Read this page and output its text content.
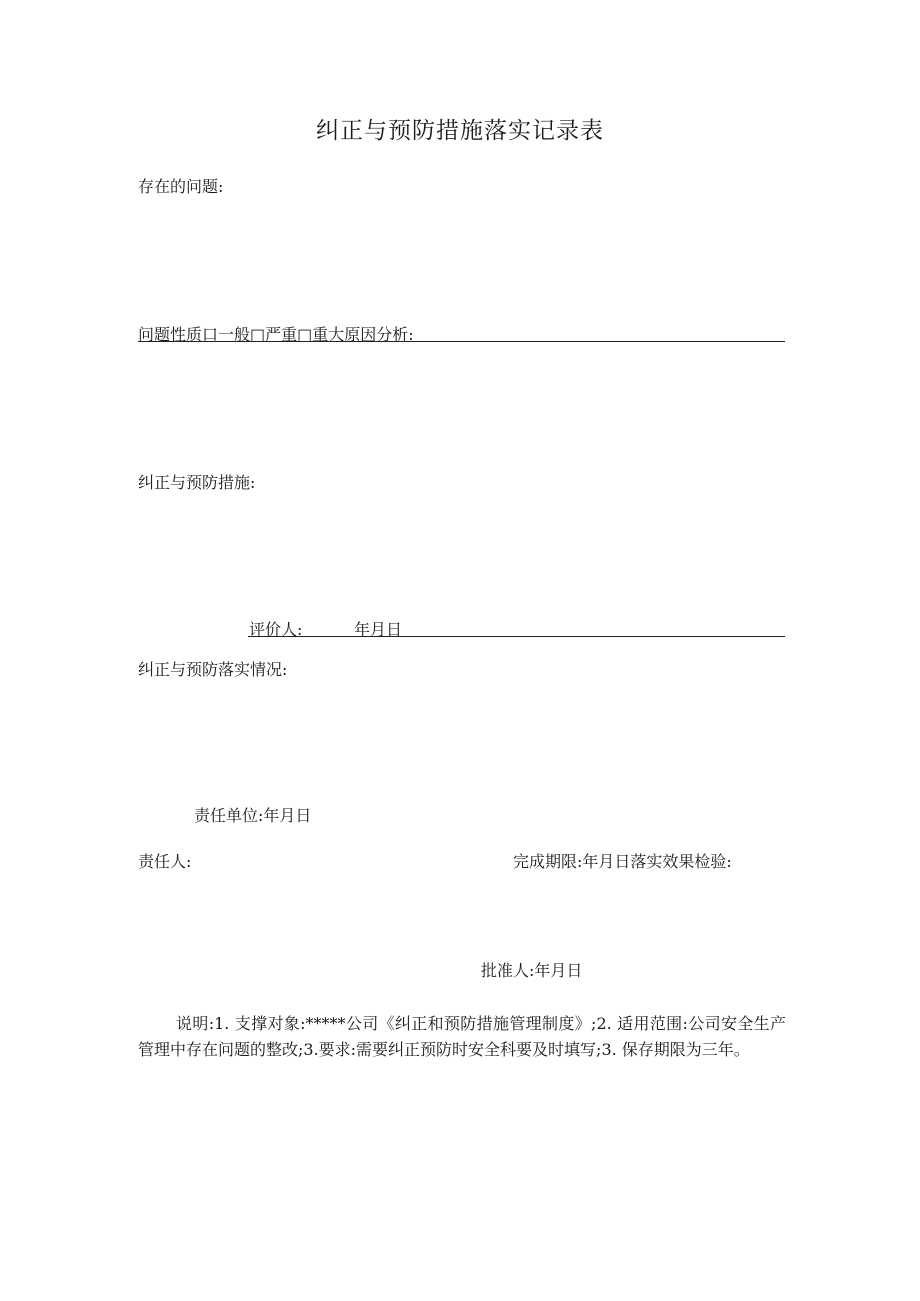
纠正与预防措施落实记录表
存在的问题:
问题性质口一般□严重□重大原因分析:
纠正与预防措施:
评价人:	年月日
纠正与预防落实情况:
责任单位:年月日
责任人:	完成期限:年月日落实效果检验:
批准人:年月日
说明:1. 支撑对象:*****公司《纠正和预防措施管理制度》;2. 适用范围:公司安全生产管理中存在问题的整改;3.要求:需要纠正预防时安全科要及时填写;3. 保存期限为三年。
